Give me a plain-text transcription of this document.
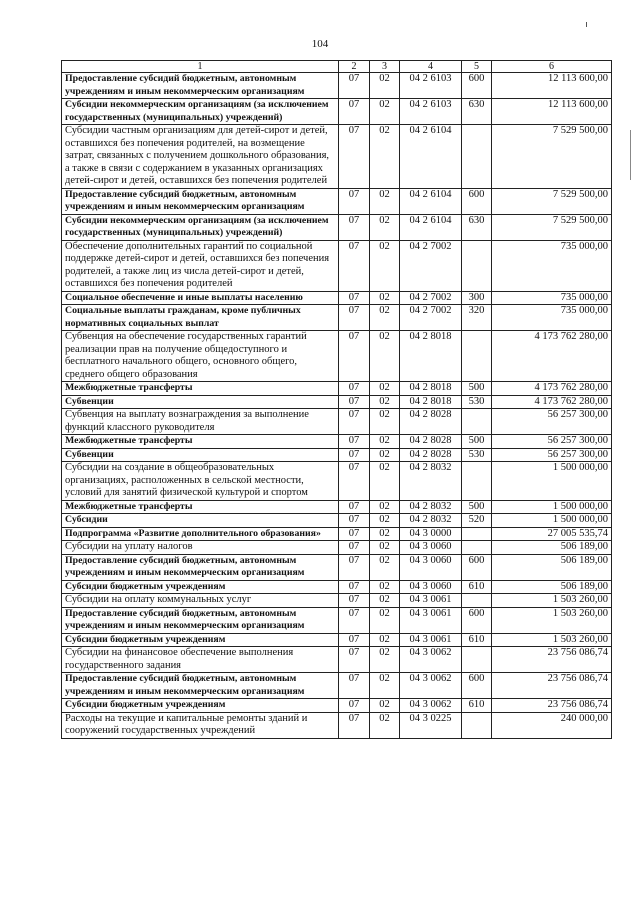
104
1	2	3	4	5	6
Предоставление субсидий бюджетным, автономным учреждениям и иным некоммерческим организациям	07	02	04 2 6103	600	12 113 600,00
Субсидии некоммерческим организациям (за исключением государственных (муниципальных) учреждений)	07	02	04 2 6103	630	12 113 600,00
Субсидии частным организациям для детей-сирот и детей, оставшихся без попечения родителей, на возмещение затрат, связанных с получением дошкольного образования, а также в связи с содержанием в указанных организациях детей-сирот и детей, оставшихся без попечения родителей	07	02	04 2 6104		7 529 500,00
Предоставление субсидий бюджетным, автономным учреждениям и иным некоммерческим организациям	07	02	04 2 6104	600	7 529 500,00
Субсидии некоммерческим организациям (за исключением государственных (муниципальных) учреждений)	07	02	04 2 6104	630	7 529 500,00
Обеспечение дополнительных гарантий по социальной поддержке детей-сирот и детей, оставшихся без попечения родителей, а также лиц из числа детей-сирот и детей, оставшихся без попечения родителей	07	02	04 2 7002		735 000,00
Социальное обеспечение и иные выплаты населению	07	02	04 2 7002	300	735 000,00
Социальные выплаты гражданам, кроме публичных нормативных социальных выплат	07	02	04 2 7002	320	735 000,00
Субвенция на обеспечение государственных гарантий реализации прав на получение общедоступного и бесплатного начального общего, основного общего, среднего общего образования	07	02	04 2 8018		4 173 762 280,00
Межбюджетные трансферты	07	02	04 2 8018	500	4 173 762 280,00
Субвенции	07	02	04 2 8018	530	4 173 762 280,00
Субвенция на выплату вознаграждения за выполнение функций классного руководителя	07	02	04 2 8028		56 257 300,00
Межбюджетные трансферты	07	02	04 2 8028	500	56 257 300,00
Субвенции	07	02	04 2 8028	530	56 257 300,00
Субсидии на создание в общеобразовательных организациях, расположенных в сельской местности, условий для занятий физической культурой и спортом	07	02	04 2 8032		1 500 000,00
Межбюджетные трансферты	07	02	04 2 8032	500	1 500 000,00
Субсидии	07	02	04 2 8032	520	1 500 000,00
Подпрограмма «Развитие дополнительного образования»	07	02	04 3 0000		27 005 535,74
Субсидии на уплату налогов	07	02	04 3 0060		506 189,00
Предоставление субсидий бюджетным, автономным учреждениям и иным некоммерческим организациям	07	02	04 3 0060	600	506 189,00
Субсидии бюджетным учреждениям	07	02	04 3 0060	610	506 189,00
Субсидии на оплату коммунальных услуг	07	02	04 3 0061		1 503 260,00
Предоставление субсидий бюджетным, автономным учреждениям и иным некоммерческим организациям	07	02	04 3 0061	600	1 503 260,00
Субсидии бюджетным учреждениям	07	02	04 3 0061	610	1 503 260,00
Субсидии на финансовое обеспечение выполнения государственного задания	07	02	04 3 0062		23 756 086,74
Предоставление субсидий бюджетным, автономным учреждениям и иным некоммерческим организациям	07	02	04 3 0062	600	23 756 086,74
Субсидии бюджетным учреждениям	07	02	04 3 0062	610	23 756 086,74
Расходы на текущие и капитальные ремонты зданий и сооружений государственных учреждений	07	02	04 3 0225		240 000,00
